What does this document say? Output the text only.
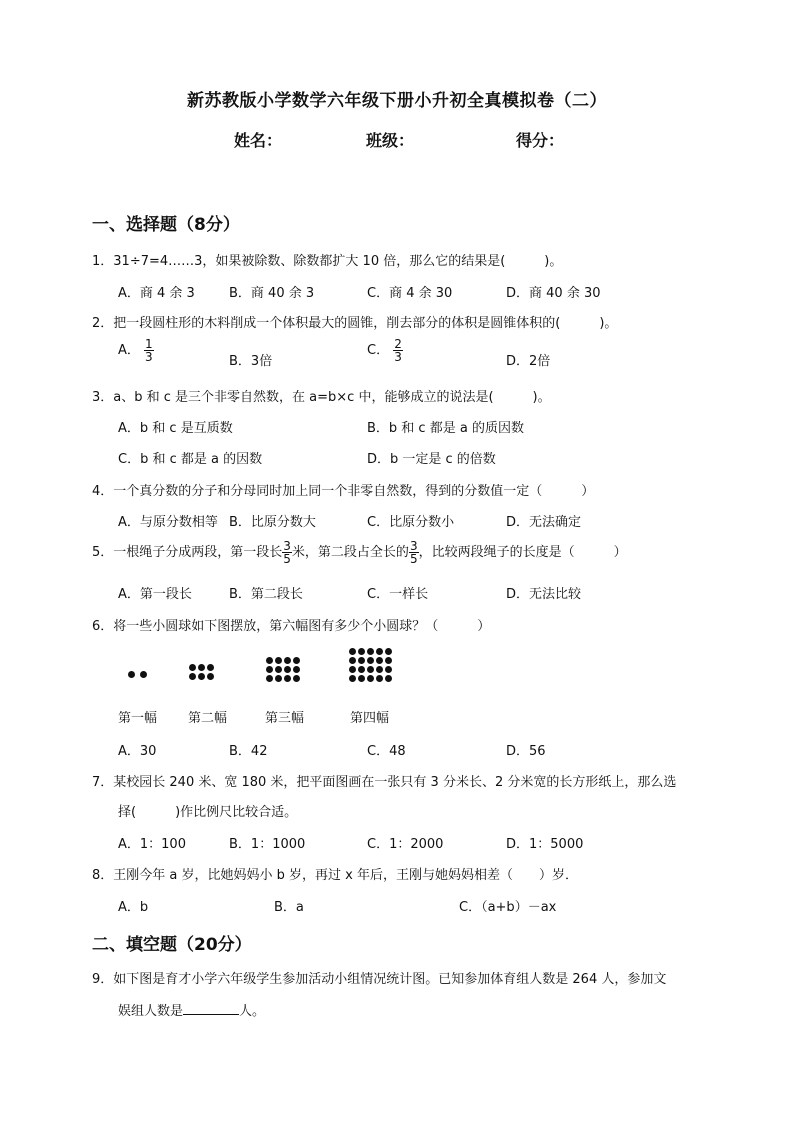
新苏教版小学数学六年级下册小升初全真模拟卷（二）
姓名：	班级：	得分：
一、选择题（8分）
1．31÷7=4……3，如果被除数、除数都扩大 10 倍，那么它的结果是(　　　)。
A．商 4 余 3	B．商 40 余 3	C．商 4 余 30	D．商 40 余 30
2．把一段圆柱形的木料削成一个体积最大的圆锥，削去部分的体积是圆锥体积的(　　　)。
A． $\frac{1}{3}$	B．3倍
C． $\frac{2}{3}$	D．2倍
3．a、b 和 c 是三个非零自然数，在 a=b×c 中，能够成立的说法是(　　　)。
A．b 和 c 是互质数	B．b 和 c 都是 a 的质因数
C．b 和 c 都是 a 的因数	D．b 一定是 c 的倍数
4．一个真分数的分子和分母同时加上同一个非零自然数，得到的分数值一定（　　　）
A．与原分数相等 B．比原分数大	C．比原分数小	D．无法确定
5．一根绳子分成两段，第一段长 $\frac{3}{5}$ 米，第二段占全长的 $\frac{3}{5}$ ，比较两段绳子的长度是（　　　）
A．第一段长	B．第二段长	C．一样长	D．无法比较
6．将一些小圆球如下图摆放，第六幅图有多少个小圆球？（　　　）
第一幅 第二幅	第三幅	第四幅
A．30	B．42	C．48	D．56
7．某校园长 240 米、宽 180 米，把平面图画在一张只有 3 分米长、2 分米宽的长方形纸上，那么选
择(　　　)作比例尺比较合适。
A．1：100	B．1：1000	C．1：2000	D．1：5000
8．王刚今年 a 岁，比她妈妈小 b 岁，再过 x 年后，王刚与她妈妈相差（　　）岁．
A．b	B．a	C．（a+b）－ax
二、填空题（20分）
9．如下图是育才小学六年级学生参加活动小组情况统计图。已知参加体育组人数是 264 人，参加文
娱组人数是	人。
